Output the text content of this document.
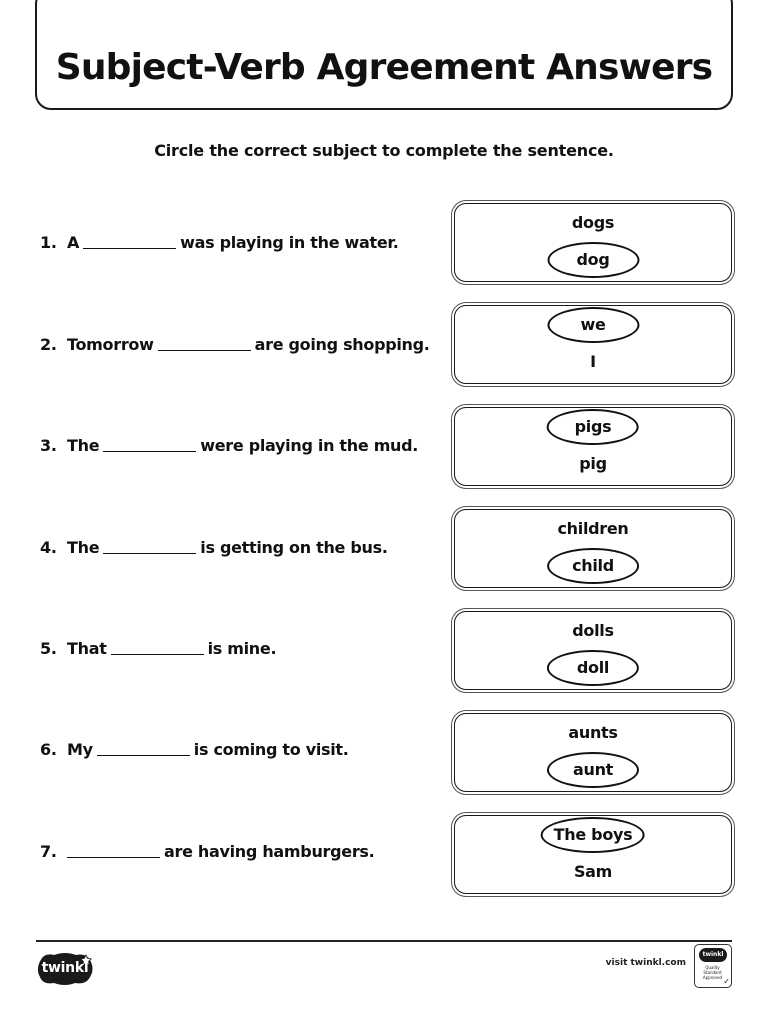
Subject-Verb Agreement Answers
Circle the correct subject to complete the sentence.
1. A	was playing in the water.
dogs
dog
2. Tomorrow	are going shopping.
we
I
3. The	were playing in the mud.
pigs
pig
4. The	is getting on the bus.
children
child
5. That	is mine.
dolls
doll
6. My	is coming to visit.
aunts
aunt
7.	are having hamburgers.
The boys
Sam
twinkl	visit twinkl.com
twinkl
Quality Standard Approved ✓
